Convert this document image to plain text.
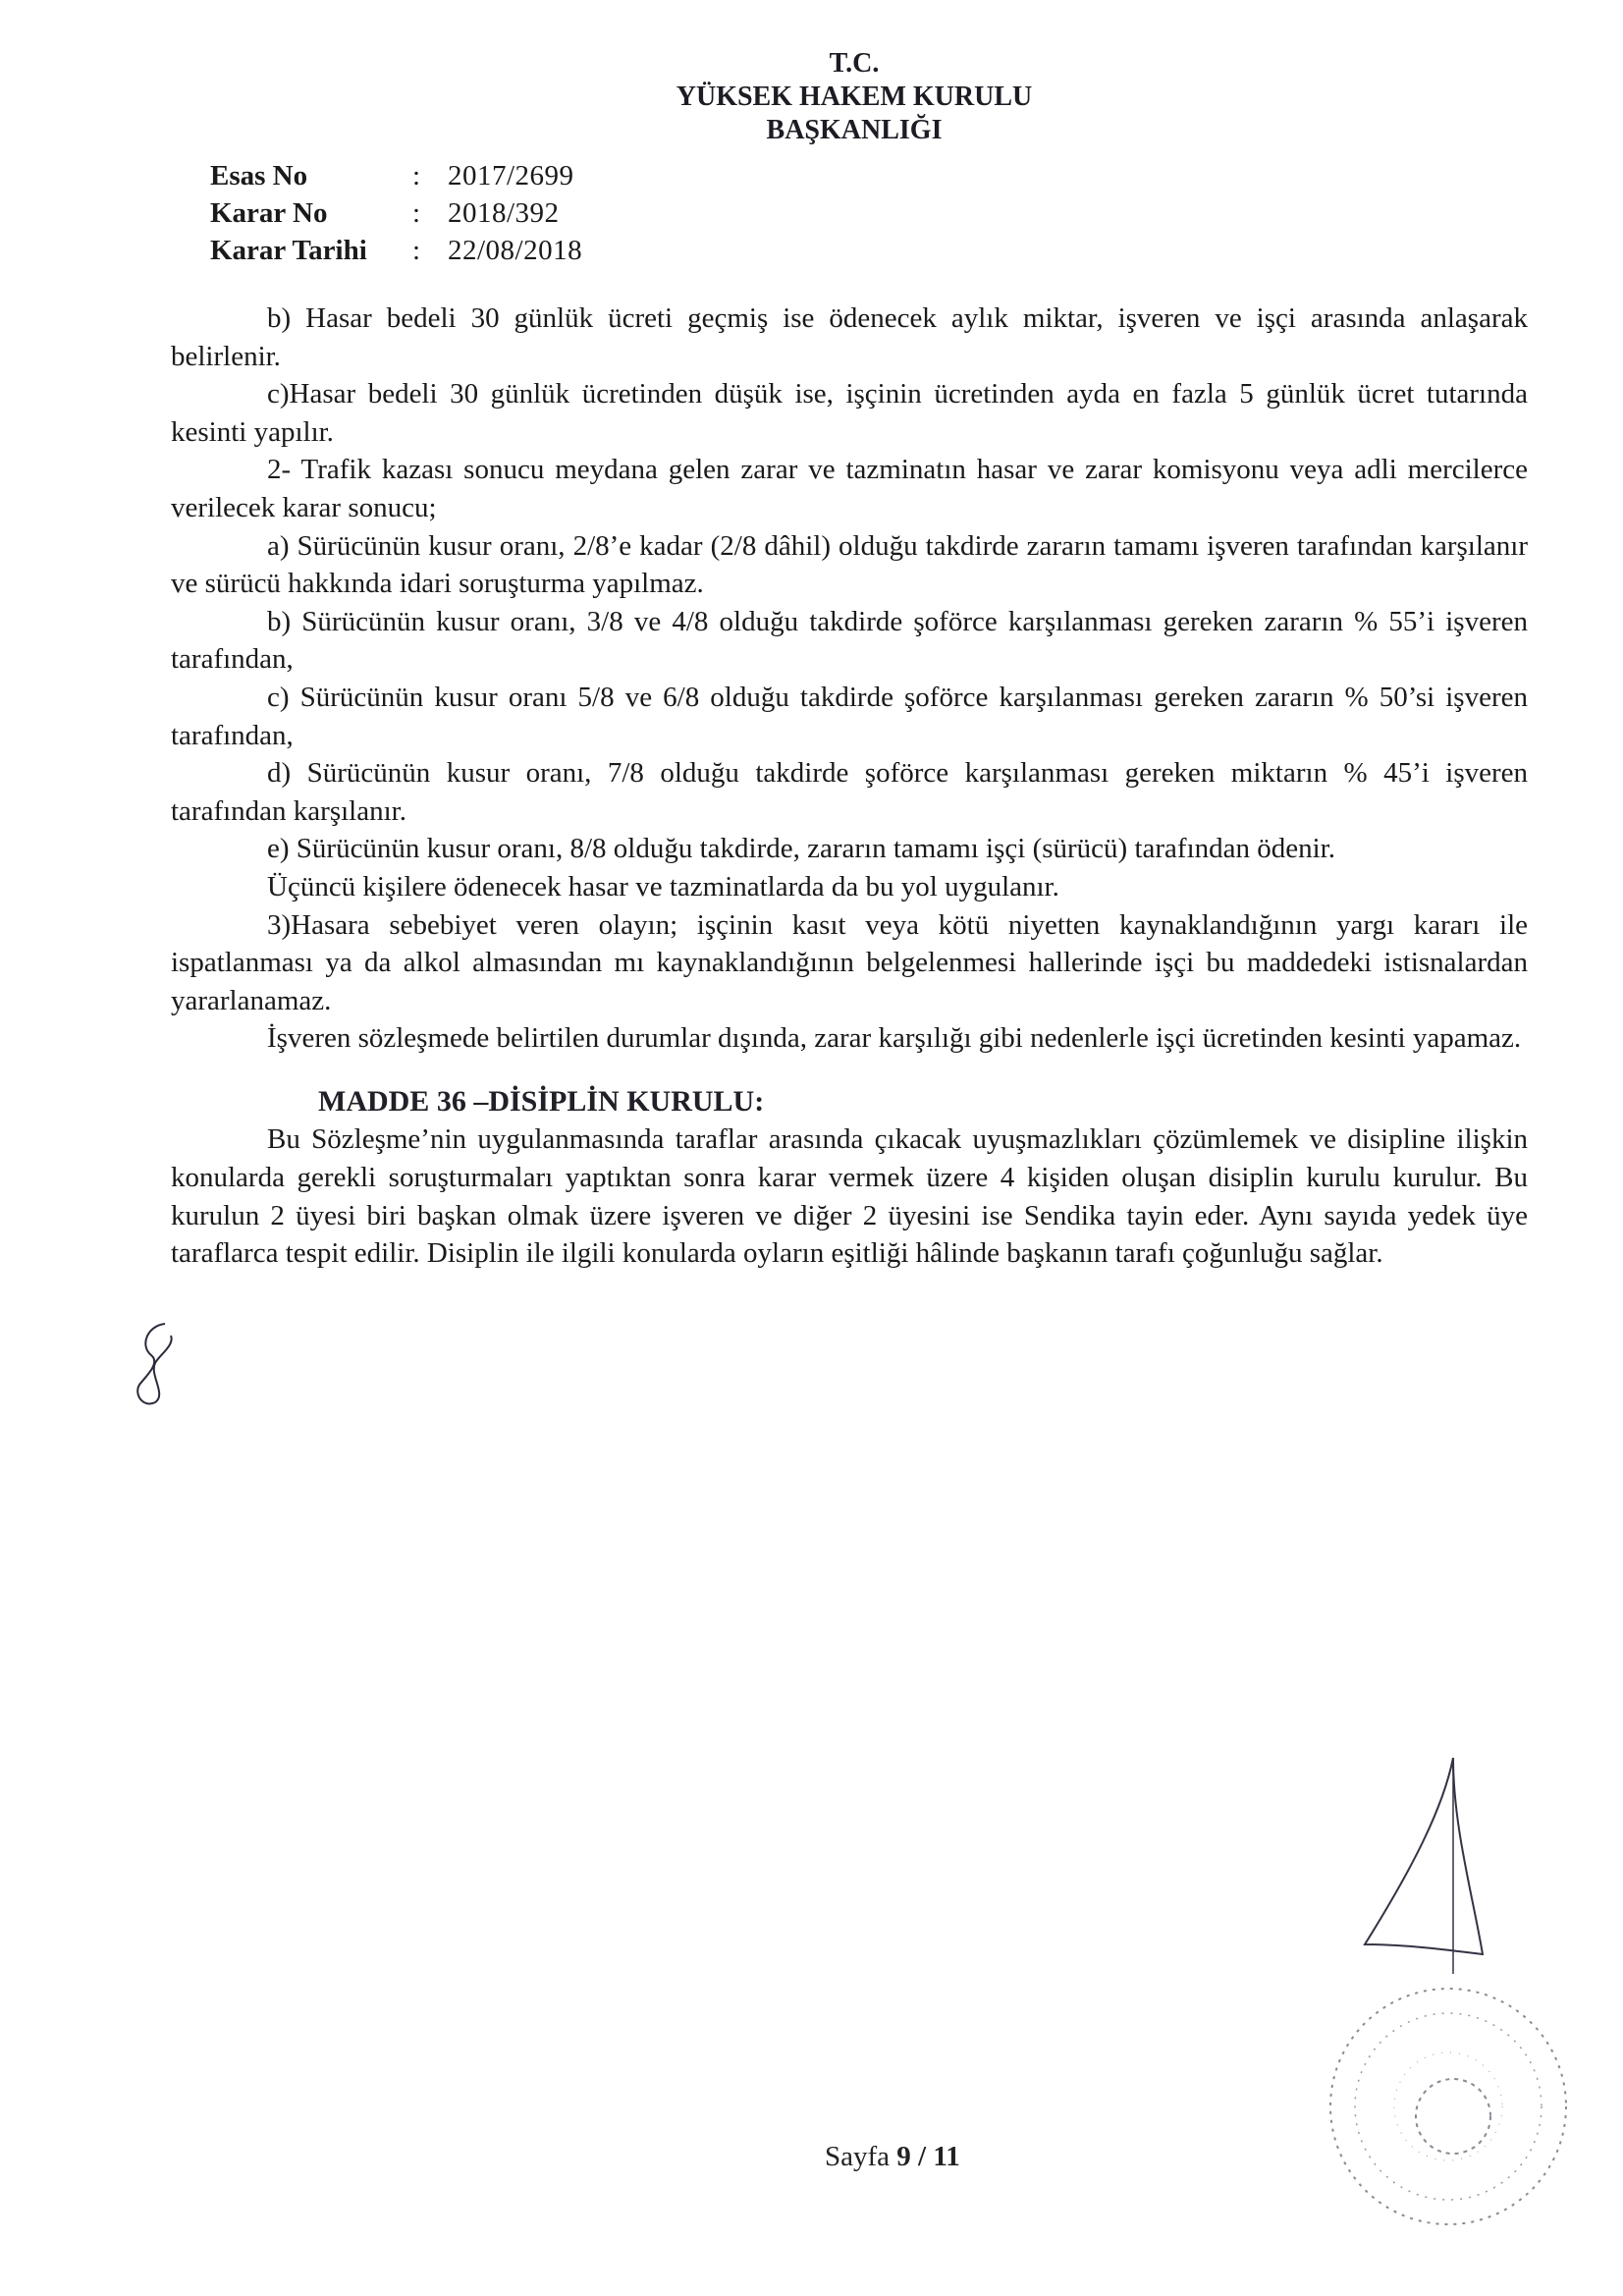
T.C.
YÜKSEK HAKEM KURULU
BAŞKANLIĞI
Esas No	: 2017/2699
Karar No	: 2018/392
Karar Tarihi	: 22/08/2018

b) Hasar bedeli 30 günlük ücreti geçmiş ise ödenecek aylık miktar, işveren ve işçi arasında anlaşarak belirlenir.

c)Hasar bedeli 30 günlük ücretinden düşük ise, işçinin ücretinden ayda en fazla 5 günlük ücret tutarında kesinti yapılır.

2- Trafik kazası sonucu meydana gelen zarar ve tazminatın hasar ve zarar komisyonu veya adli mercilerce verilecek karar sonucu;

a) Sürücünün kusur oranı, 2/8’e kadar (2/8 dâhil) olduğu takdirde zararın tamamı işveren tarafından karşılanır ve sürücü hakkında idari soruşturma yapılmaz.

b) Sürücünün kusur oranı, 3/8 ve 4/8 olduğu takdirde şoförce karşılanması gereken zararın % 55’i işveren tarafından,

c) Sürücünün kusur oranı 5/8 ve 6/8 olduğu takdirde şoförce karşılanması gereken zararın % 50’si işveren tarafından,

d) Sürücünün kusur oranı, 7/8 olduğu takdirde şoförce karşılanması gereken miktarın % 45’i işveren tarafından karşılanır.

e) Sürücünün kusur oranı, 8/8 olduğu takdirde, zararın tamamı işçi (sürücü) tarafından ödenir.

Üçüncü kişilere ödenecek hasar ve tazminatlarda da bu yol uygulanır.

3)Hasara sebebiyet veren olayın; işçinin kasıt veya kötü niyetten kaynaklandığının yargı kararı ile ispatlanması ya da alkol almasından mı kaynaklandığının belgelenmesi hallerinde işçi bu maddedeki istisnalardan yararlanamaz.

İşveren sözleşmede belirtilen durumlar dışında, zarar karşılığı gibi nedenlerle işçi ücretinden kesinti yapamaz.

MADDE 36 –DİSİPLİN KURULU:

Bu Sözleşme’nin uygulanmasında taraflar arasında çıkacak uyuşmazlıkları çözümlemek ve disipline ilişkin konularda gerekli soruşturmaları yaptıktan sonra karar vermek üzere 4 kişiden oluşan disiplin kurulu kurulur. Bu kurulun 2 üyesi biri başkan olmak üzere işveren ve diğer 2 üyesini ise Sendika tayin eder. Aynı sayıda yedek üye taraflarca tespit edilir. Disiplin ile ilgili konularda oyların eşitliği hâlinde başkanın tarafı çoğunluğu sağlar.

Sayfa 9 / 11
